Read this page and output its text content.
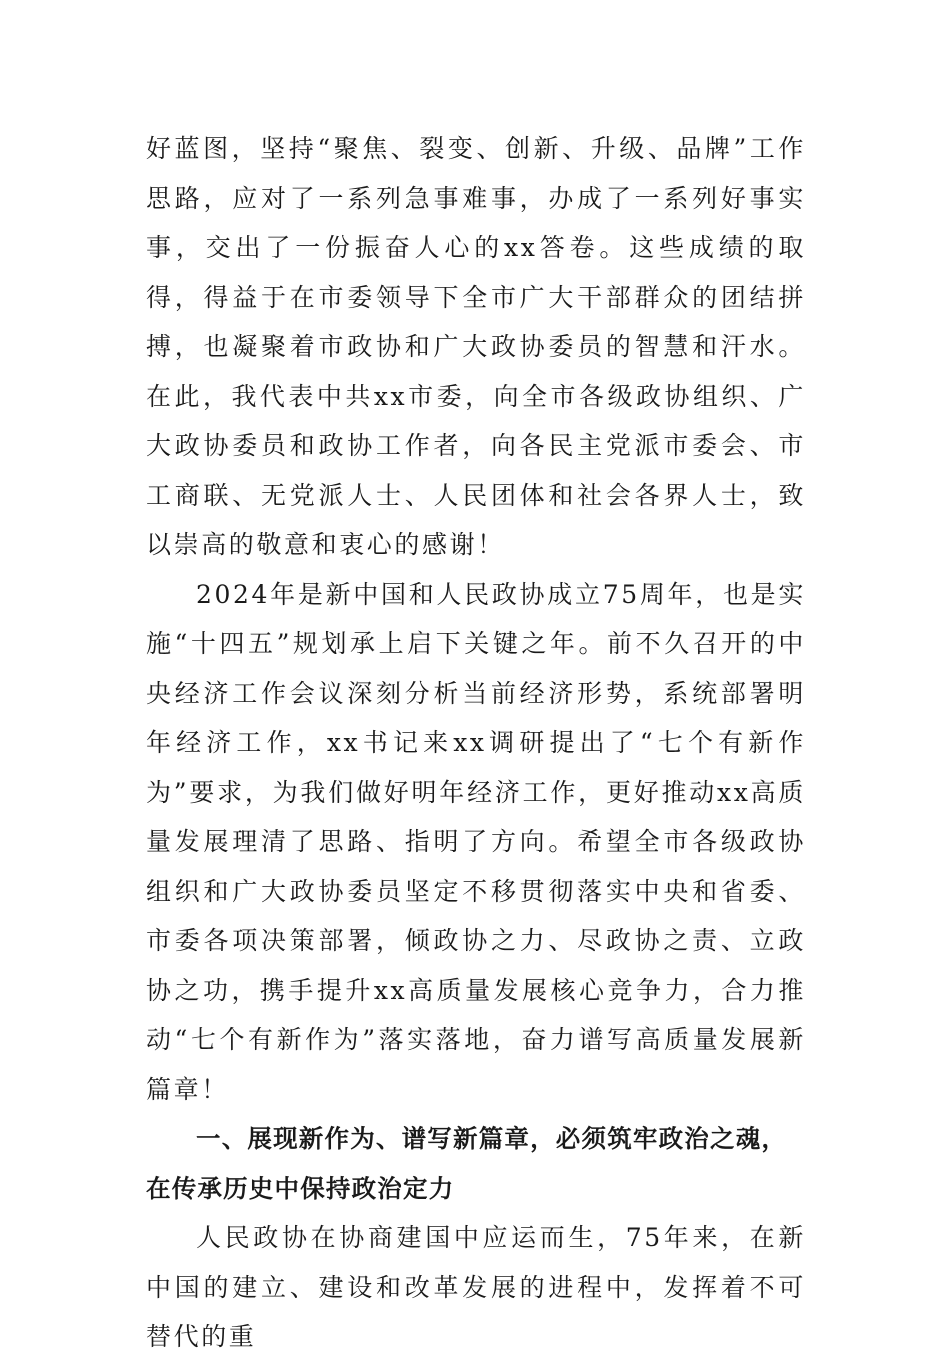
好蓝图，坚持“聚焦、裂变、创新、升级、品牌”工作思路，应对了一系列急事难事，办成了一系列好事实事，交出了一份振奋人心的xx答卷。这些成绩的取得，得益于在市委领导下全市广大干部群众的团结拼搏，也凝聚着市政协和广大政协委员的智慧和汗水。在此，我代表中共xx市委，向全市各级政协组织、广大政协委员和政协工作者，向各民主党派市委会、市工商联、无党派人士、人民团体和社会各界人士，致以崇高的敬意和衷心的感谢！

2024年是新中国和人民政协成立75周年，也是实施“十四五”规划承上启下关键之年。前不久召开的中央经济工作会议深刻分析当前经济形势，系统部署明年经济工作，xx书记来xx调研提出了“七个有新作为”要求，为我们做好明年经济工作，更好推动xx高质量发展理清了思路、指明了方向。希望全市各级政协组织和广大政协委员坚定不移贯彻落实中央和省委、市委各项决策部署，倾政协之力、尽政协之责、立政协之功，携手提升xx高质量发展核心竞争力，合力推动“七个有新作为”落实落地，奋力谱写高质量发展新篇章！

一、展现新作为、谱写新篇章，必须筑牢政治之魂，在传承历史中保持政治定力

人民政协在协商建国中应运而生，75年来，在新中国的建立、建设和改革发展的进程中，发挥着不可替代的重
